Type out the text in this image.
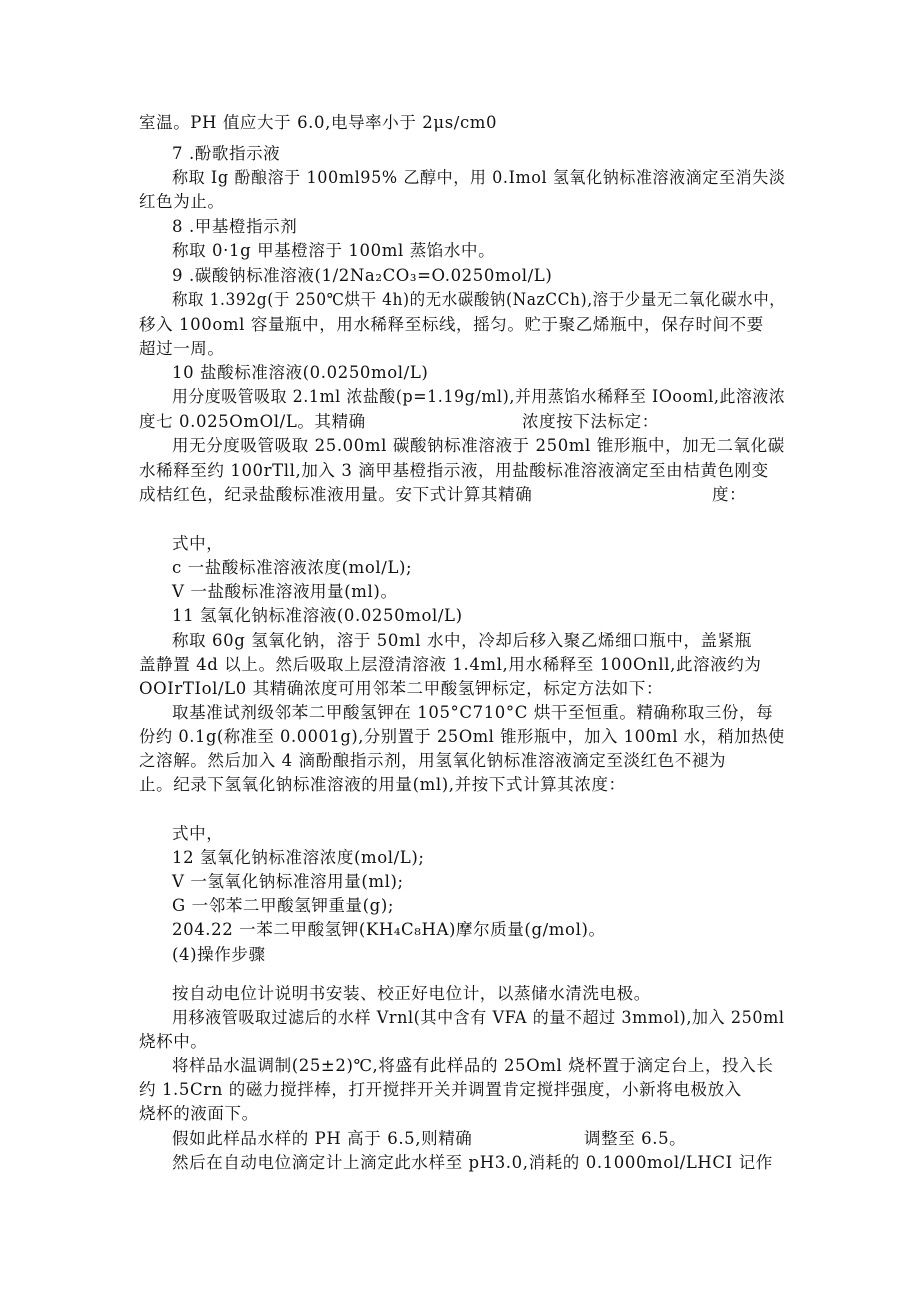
室温。PH 值应大于 6.0,电导率小于 2μs∕cm0
7 .酚歌指示液
称取 Ig 酚酿溶于 100ml95% 乙醇中，用 0.Imol 氢氧化钠标准溶液滴定至消失淡
红色为止。
8 .甲基橙指示剂
称取 0·1g 甲基橙溶于 100ml 蒸馅水中。
9 .碳酸钠标准溶液(1/2Na₂CO₃=O.0250mol∕L)
称取 1.392g(于 250℃烘干 4h)的无水碳酸钠(NazCCh),溶于少量无二氧化碳水中，
移入 100oml 容量瓶中，用水稀释至标线，摇匀。贮于聚乙烯瓶中，保存时间不要
超过一周。
10 盐酸标准溶液(0.0250mol∕L)
用分度吸管吸取 2.1ml 浓盐酸(p=1.19g∕ml),并用蒸馅水稀释至 IOooml,此溶液浓
度七 0.025OmOl/L。其精确	浓度按下法标定：
用无分度吸管吸取 25.00ml 碳酸钠标准溶液于 250ml 锥形瓶中，加无二氧化碳
水稀释至约 100rTll,加入 3 滴甲基橙指示液，用盐酸标准溶液滴定至由桔黄色刚变
成桔红色，纪录盐酸标准液用量。安下式计算其精确	度：
式中，
c 一盐酸标准溶液浓度(mol∕L);
V 一盐酸标准溶液用量(ml)。
11 氢氧化钠标准溶液(0.0250mol∕L)
称取 60g 氢氧化钠，溶于 50ml 水中，冷却后移入聚乙烯细口瓶中，盖紧瓶
盖静置 4d 以上。然后吸取上层澄清溶液 1.4ml,用水稀释至 100Onll,此溶液约为
OOIrTIol∕L0 其精确浓度可用邻苯二甲酸氢钾标定，标定方法如下：
取基准试剂级邻苯二甲酸氢钾在 105°C710°C 烘干至恒重。精确称取三份，每
份约 0.1g(称准至 0.0001g),分别置于 25Oml 锥形瓶中，加入 100ml 水，稍加热使
之溶解。然后加入 4 滴酚酿指示剂，用氢氧化钠标准溶液滴定至淡红色不褪为
止。纪录下氢氧化钠标准溶液的用量(ml),并按下式计算其浓度：
式中，
12 氢氧化钠标准溶浓度(mol∕L);
V 一氢氧化钠标准溶用量(ml);
G 一邻苯二甲酸氢钾重量(g);
204.22 一苯二甲酸氢钾(KH₄C₈HA)摩尔质量(g∕mol)。
(4)操作步骤
按自动电位计说明书安装、校正好电位计，以蒸储水清洗电极。
用移液管吸取过滤后的水样 Vrnl(其中含有 VFA 的量不超过 3mmol),加入 250ml
烧杯中。
将样品水温调制(25±2)℃,将盛有此样品的 25Oml 烧杯置于滴定台上，投入长
约 1.5Crn 的磁力搅拌棒，打开搅拌开关并调置肯定搅拌强度，小新将电极放入
烧杯的液面下。
假如此样品水样的 PH 高于 6.5,则精确	调整至 6.5。
然后在自动电位滴定计上滴定此水样至 pH3.0,消耗的 0.1000mol/LHCI 记作
